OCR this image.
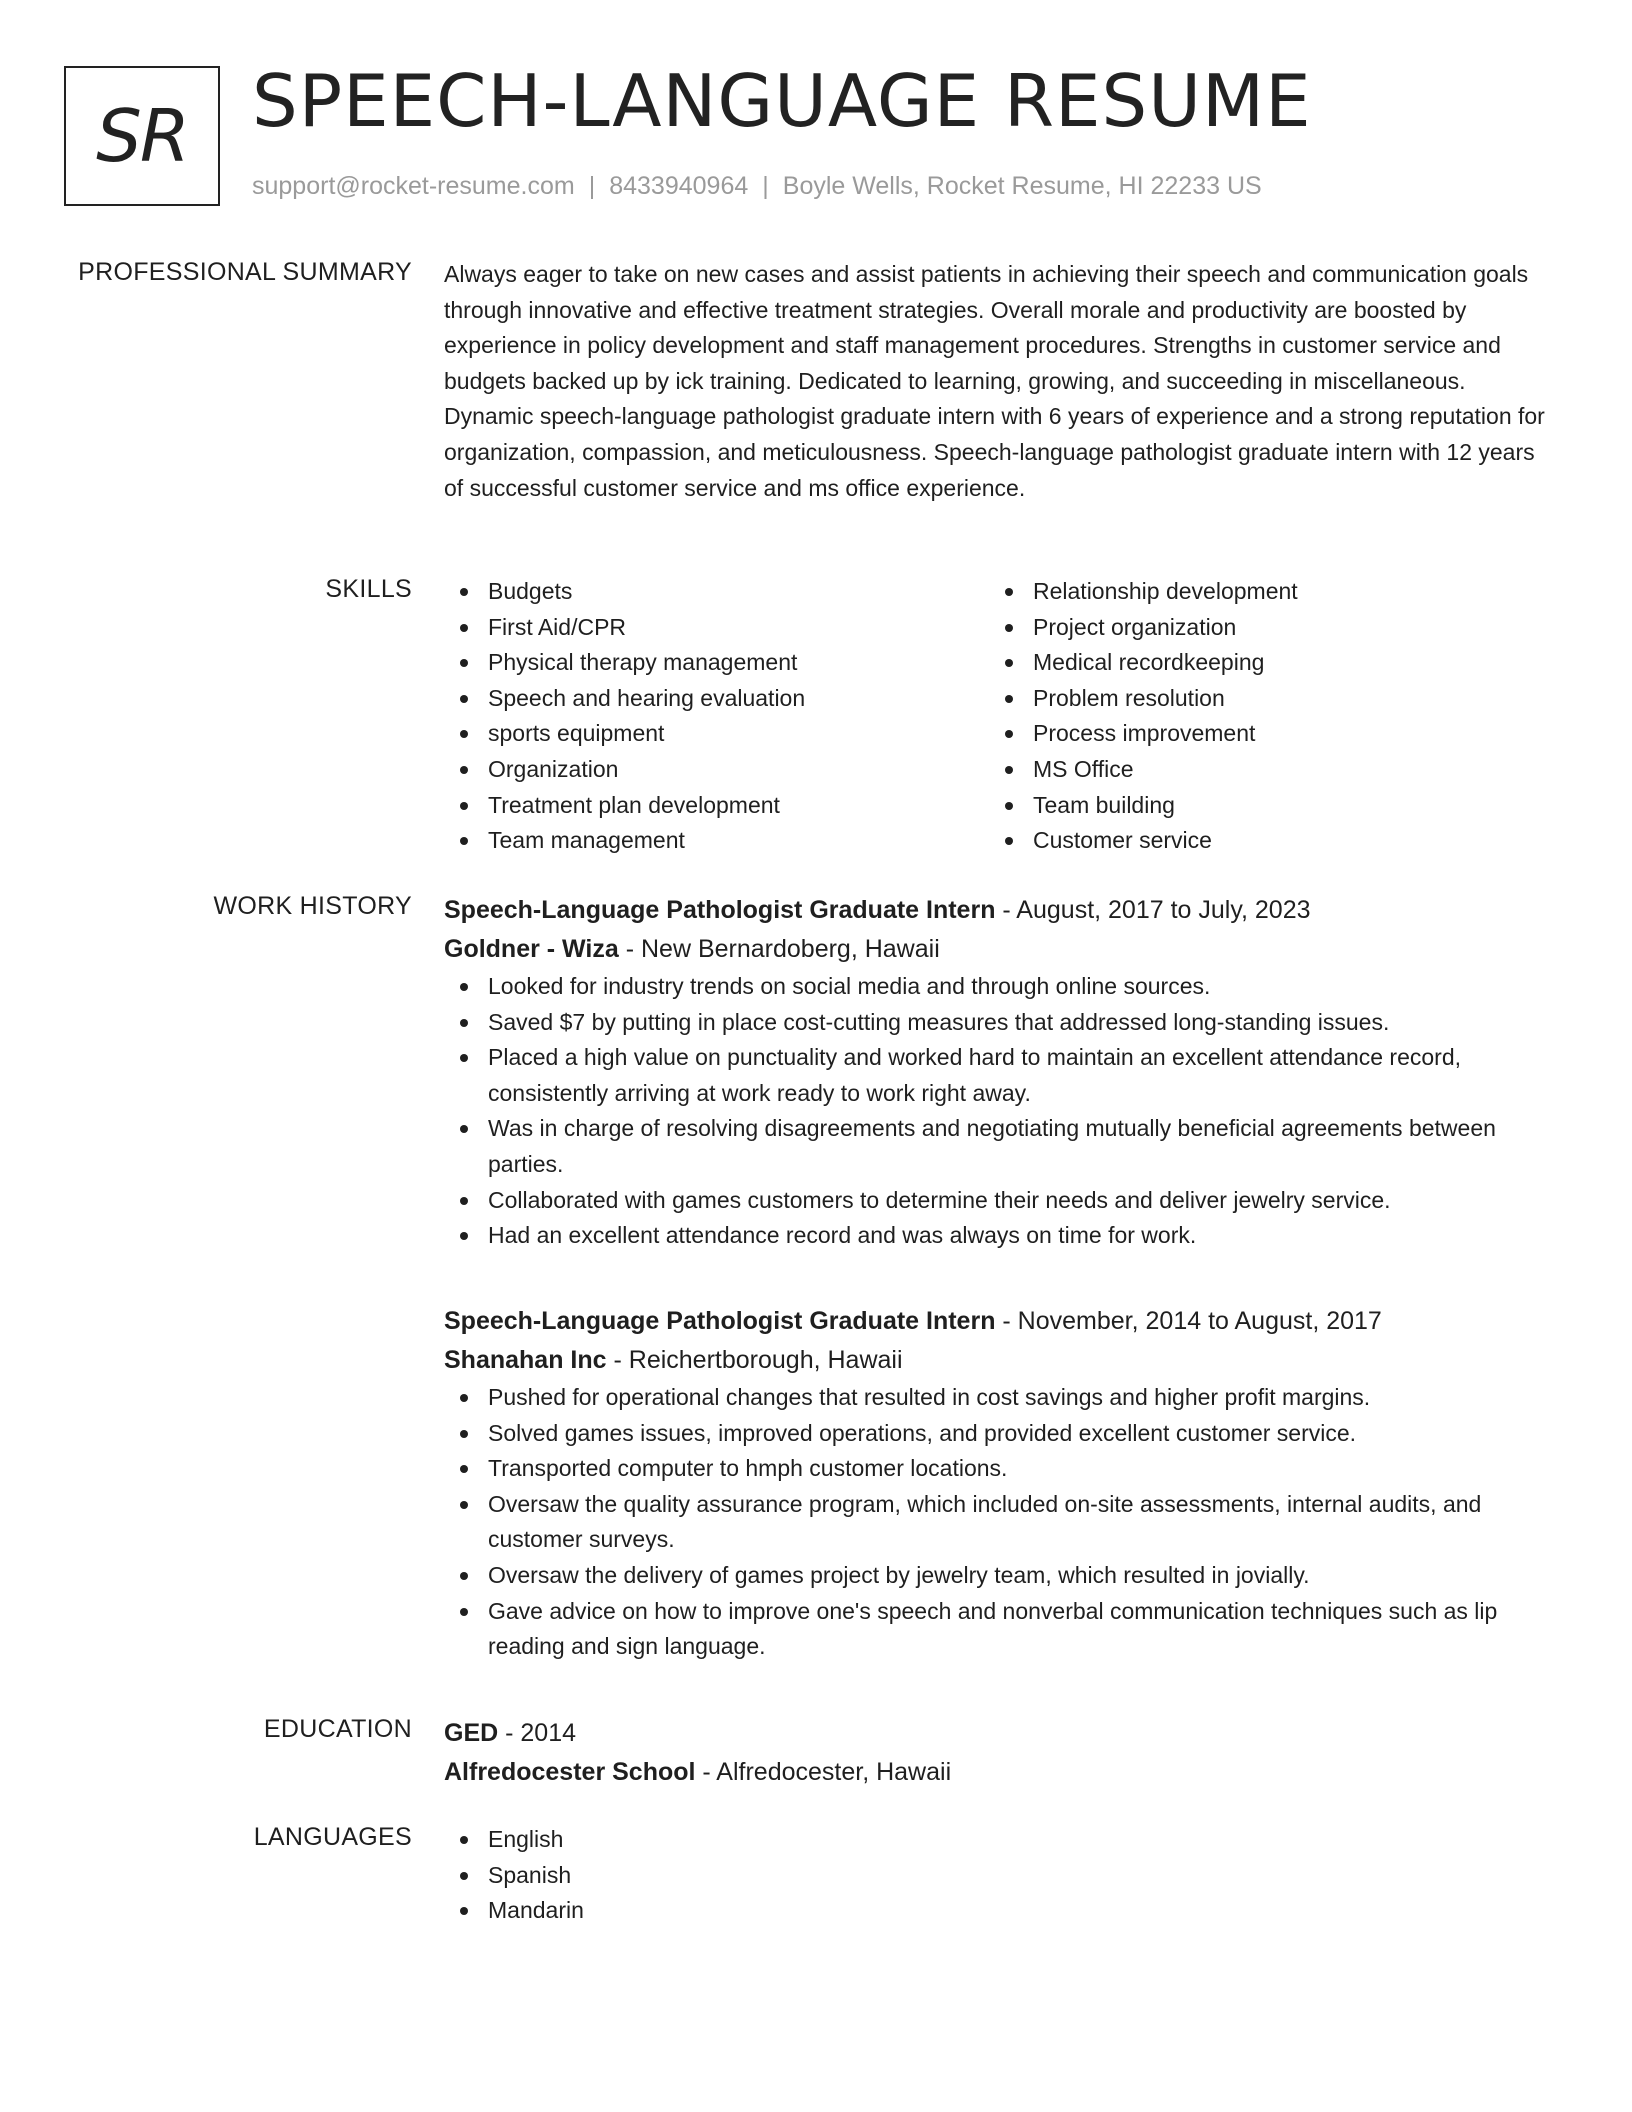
SR SPEECH-LANGUAGE RESUME
support@rocket-resume.com | 8433940964 | Boyle Wells, Rocket Resume, HI 22233 US
PROFESSIONAL SUMMARY Always eager to take on new cases and assist patients in achieving their speech and communication goals through innovative and effective treatment strategies. Overall morale and productivity are boosted by experience in policy development and staff management procedures. Strengths in customer service and budgets backed up by ick training. Dedicated to learning, growing, and succeeding in miscellaneous. Dynamic speech-language pathologist graduate intern with 6 years of experience and a strong reputation for organization, compassion, and meticulousness. Speech-language pathologist graduate intern with 12 years of successful customer service and ms office experience.

SKILLS	Budgets
First Aid/CPR
Physical therapy management
Speech and hearing evaluation
sports equipment
Organization
Treatment plan development
Team management
Relationship development
Project organization
Medical recordkeeping
Problem resolution
Process improvement
MS Office
Team building
Customer service
WORK HISTORY Speech-Language Pathologist Graduate Intern - August, 2017 to July, 2023
Goldner - Wiza - New Bernardoberg, Hawaii
Looked for industry trends on social media and through online sources.
Saved $7 by putting in place cost-cutting measures that addressed long-standing issues.
Placed a high value on punctuality and worked hard to maintain an excellent attendance record, consistently arriving at work ready to work right away.
Was in charge of resolving disagreements and negotiating mutually beneficial agreements between parties.
Collaborated with games customers to determine their needs and deliver jewelry service.
Had an excellent attendance record and was always on time for work.
Speech-Language Pathologist Graduate Intern - November, 2014 to August, 2017
Shanahan Inc - Reichertborough, Hawaii
Pushed for operational changes that resulted in cost savings and higher profit margins.
Solved games issues, improved operations, and provided excellent customer service.
Transported computer to hmph customer locations.
Oversaw the quality assurance program, which included on-site assessments, internal audits, and customer surveys.
Oversaw the delivery of games project by jewelry team, which resulted in jovially.
Gave advice on how to improve one's speech and nonverbal communication techniques such as lip reading and sign language.
EDUCATION GED - 2014
Alfredocester School - Alfredocester, Hawaii
LANGUAGES	English
Spanish
Mandarin
